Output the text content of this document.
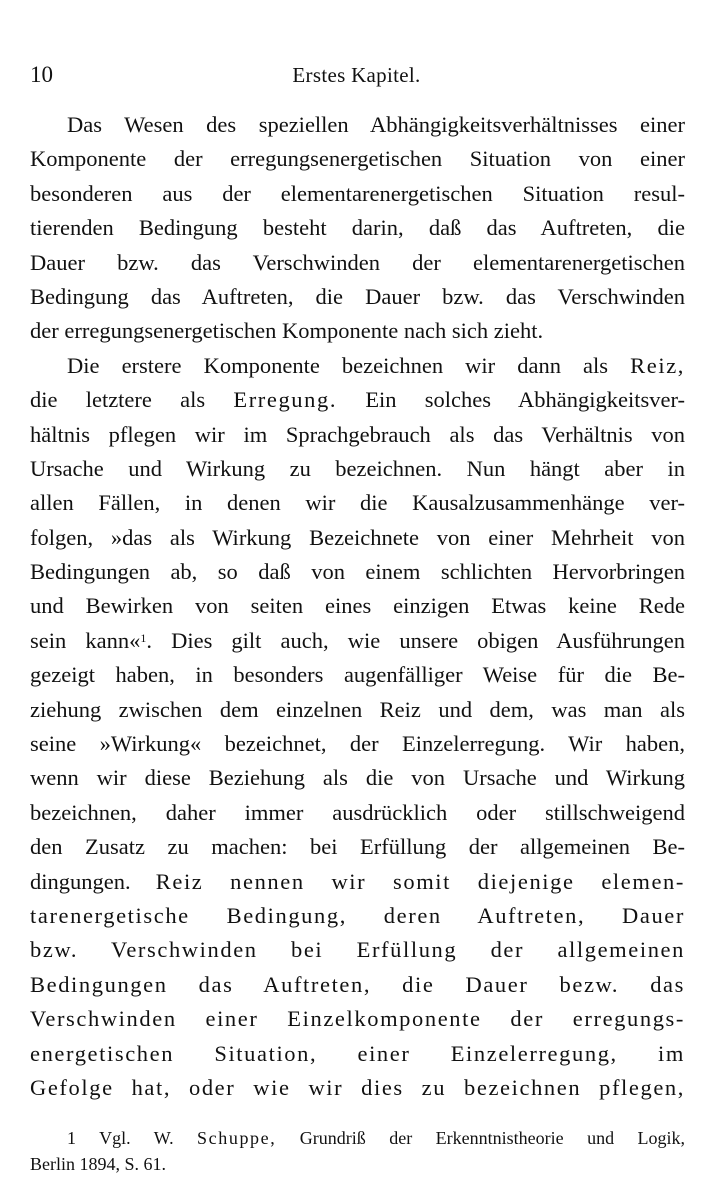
10	Erstes Kapitel.
Das Wesen des speziellen Abhängigkeitsverhältnisses einer
Komponente der erregungsenergetischen Situation von einer
besonderen aus der elementarenergetischen Situation resul-
tierenden Bedingung besteht darin, daß das Auftreten, die
Dauer bzw. das Verschwinden der elementarenergetischen
Bedingung das Auftreten, die Dauer bzw. das Verschwinden
der erregungsenergetischen Komponente nach sich zieht.
Die erstere Komponente bezeichnen wir dann als Reiz,
die letztere als Erregung. Ein solches Abhängigkeitsver-
hältnis pflegen wir im Sprachgebrauch als das Verhältnis von
Ursache und Wirkung zu bezeichnen. Nun hängt aber in
allen Fällen, in denen wir die Kausalzusammenhänge ver-
folgen, »das als Wirkung Bezeichnete von einer Mehrheit von
Bedingungen ab, so daß von einem schlichten Hervorbringen
und Bewirken von seiten eines einzigen Etwas keine Rede
sein kann«$^1$. Dies gilt auch, wie unsere obigen Ausführungen
gezeigt haben, in besonders augenfälliger Weise für die Be-
ziehung zwischen dem einzelnen Reiz und dem, was man als
seine »Wirkung« bezeichnet, der Einzelerregung. Wir haben,
wenn wir diese Beziehung als die von Ursache und Wirkung
bezeichnen, daher immer ausdrücklich oder stillschweigend
den Zusatz zu machen: bei Erfüllung der allgemeinen Be-
dingungen. Reiz nennen wir somit diejenige elemen-
tarenergetische Bedingung, deren Auftreten, Dauer
bzw. Verschwinden bei Erfüllung der allgemeinen
Bedingungen das Auftreten, die Dauer bezw. das
Verschwinden einer Einzelkomponente der erregungs-
energetischen Situation, einer Einzelerregung, im
Gefolge hat, oder wie wir dies zu bezeichnen pflegen,
1 Vgl. W. Schuppe, Grundriß der Erkenntnistheorie und Logik,
Berlin 1894, S. 61.
